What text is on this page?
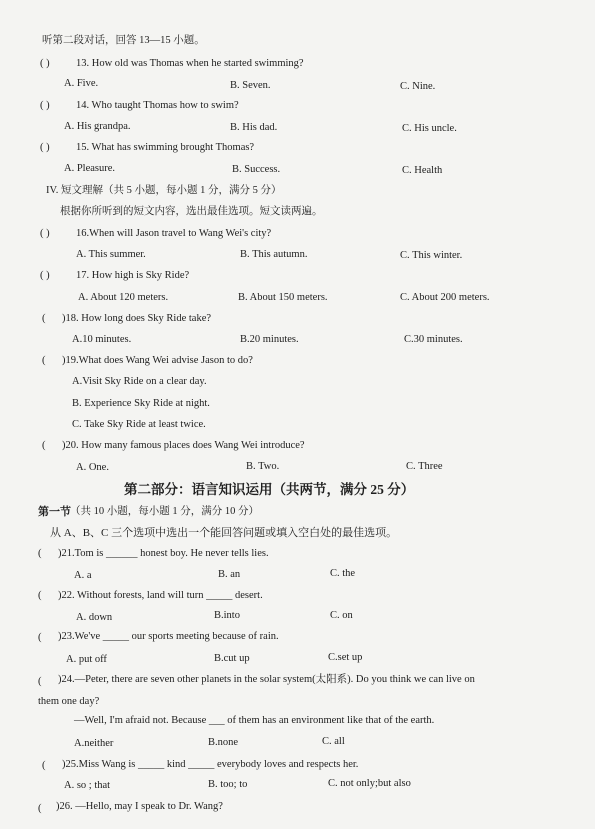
听第二段对话，回答 13—15 小题。
( )	13. How old was Thomas when he started swimming?
A. Five.	B. Seven.	C. Nine.
( )	14. Who taught Thomas how to swim?
A. His grandpa.	B. His dad.	C. His uncle.
( )	15. What has swimming brought Thomas?
A. Pleasure.	B. Success.	C. Health
IV. 短文理解（共 5 小题，每小题 1 分，满分 5 分）
根据你所听到的短文内容，选出最佳选项。短文读两遍。
( )	16.When will Jason travel to Wang Wei's city?
A. This summer.	B. This autumn.	C. This winter.
( )	17. How high is Sky Ride?
A. About 120 meters.	B. About 150 meters.	C. About 200 meters.
( )18. How long does Sky Ride take?
A.10 minutes.	B.20 minutes.	C.30 minutes.
( )19.What does Wang Wei advise Jason to do?
A.Visit Sky Ride on a clear day.
B. Experience Sky Ride at night.
C. Take Sky Ride at least twice.
( )20. How many famous places does Wang Wei introduce?
A. One.	B. Two.	C. Three
第二部分：语言知识运用（共两节，满分 25 分）
第一节 （共 10 小题，每小题 1 分，满分 10 分）
从 A、B、C 三个选项中选出一个能回答问题或填入空白处的最佳选项。
( )21.Tom is ______ honest boy. He never tells lies.
A. a	B. an	C. the
( )22. Without forests, land will turn _____ desert.
A. down	B.into	C. on
( )23.We've _____ our sports meeting because of rain.
A. put off	B.cut up	C.set up
( )24.—Peter, there are seven other planets in the solar system(太阳系). Do you think we can live on
them one day?
—Well, I'm afraid not. Because ___ of them has an environment like that of the earth.
A.neither	B.none	C. all
( )25.Miss Wang is _____ kind _____ everybody loves and respects her.
A. so ; that	B. too; to	C. not only;but also
( )26. —Hello, may I speak to Dr. Wang?
